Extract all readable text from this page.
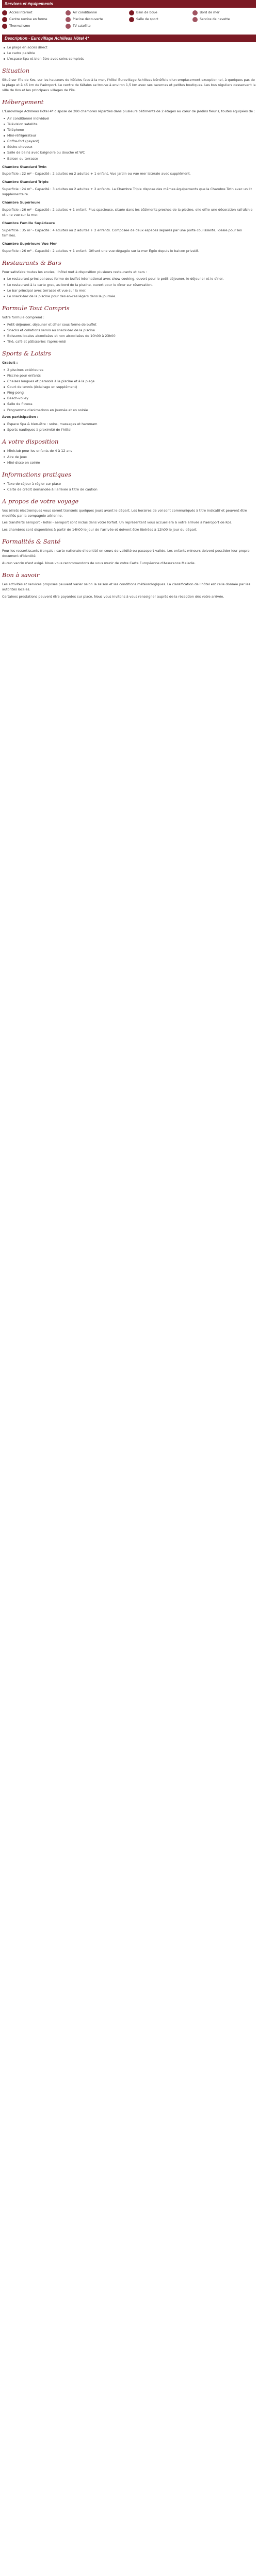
Services et équipements
Accès Internet	Air conditionné	Bain de boue	Bord de mer
Centre remise en forme	Piscine découverte	Salle de sport	Service de navette
Thermalisme	TV satellite
Description - Eurovillage Achilleas Hôtel 4*
Le plage en accès direct
Le cadre paisible
L'espace Spa et bien-être avec soins complets
Situation

Situé sur l'île de Kos, sur les hauteurs de Kéfalos face à la mer, l'hôtel Eurovillage Achilleas bénéficie d'un emplacement exceptionnel, à quelques pas de la plage et à 45 km de l'aéroport. Le centre de Kéfalos se trouve à environ 1,5 km avec ses tavernes et petites boutiques. Les bus réguliers desservent la ville de Kos et les principaux villages de l'île.

Hébergement

L'Eurovillage Achilleas Hôtel 4* dispose de 280 chambres réparties dans plusieurs bâtiments de 2 étages au cœur de jardins fleuris, toutes équipées de :

Air conditionné individuel
Télévision satellite
Téléphone
Mini-réfrigérateur
Coffre-fort (payant)
Sèche-cheveux
Salle de bains avec baignoire ou douche et WC
Balcon ou terrasse

Chambre Standard Twin

Superficie : 22 m² - Capacité : 2 adultes ou 2 adultes + 1 enfant. Vue jardin ou vue mer latérale avec supplément.

Chambre Standard Triple

Superficie : 24 m² - Capacité : 3 adultes ou 2 adultes + 2 enfants. La Chambre Triple dispose des mêmes équipements que la Chambre Twin avec un lit supplémentaire.

Chambre Supérieure

Superficie : 26 m² - Capacité : 2 adultes + 1 enfant. Plus spacieuse, située dans les bâtiments proches de la piscine, elle offre une décoration rafraîchie et une vue sur la mer.

Chambre Famille Supérieure

Superficie : 35 m² - Capacité : 4 adultes ou 2 adultes + 2 enfants. Composée de deux espaces séparés par une porte coulissante, idéale pour les familles.

Chambre Supérieure Vue Mer

Superficie : 26 m² - Capacité : 2 adultes + 1 enfant. Offrant une vue dégagée sur la mer Égée depuis le balcon privatif.

Restaurants & Bars

Pour satisfaire toutes les envies, l'hôtel met à disposition plusieurs restaurants et bars :

Le restaurant principal sous forme de buffet international avec show cooking, ouvert pour le petit-déjeuner, le déjeuner et le dîner.
Le restaurant à la carte grec, au bord de la piscine, ouvert pour le dîner sur réservation.
Le bar principal avec terrasse et vue sur la mer.
Le snack-bar de la piscine pour des en-cas légers dans la journée.
Formule Tout Compris

Votre formule comprend :

Petit-déjeuner, déjeuner et dîner sous forme de buffet
Snacks et collations servis au snack-bar de la piscine
Boissons locales alcoolisées et non alcoolisées de 10h00 à 23h00
Thé, café et pâtisseries l'après-midi
Sports & Loisirs

Gratuit :

2 piscines extérieures
Piscine pour enfants
Chaises longues et parasols à la piscine et à la plage
Court de tennis (éclairage en supplément)
Ping-pong
Beach-volley
Salle de fitness
Programme d'animations en journée et en soirée

Avec participation :

Espace Spa & bien-être : soins, massages et hammam
Sports nautiques à proximité de l'hôtel
A votre disposition
Miniclub pour les enfants de 4 à 12 ans
Aire de jeux
Mini-disco en soirée
Informations pratiques
Taxe de séjour à régler sur place
Carte de crédit demandée à l'arrivée à titre de caution
A propos de votre voyage

Vos billets électroniques vous seront transmis quelques jours avant le départ. Les horaires de vol sont communiqués à titre indicatif et peuvent être modifiés par la compagnie aérienne.

Les transferts aéroport - hôtel - aéroport sont inclus dans votre forfait. Un représentant vous accueillera à votre arrivée à l'aéroport de Kos.

Les chambres sont disponibles à partir de 14h00 le jour de l'arrivée et doivent être libérées à 12h00 le jour du départ.

Formalités & Santé

Pour les ressortissants français : carte nationale d'identité en cours de validité ou passeport valide. Les enfants mineurs doivent posséder leur propre document d'identité.

Aucun vaccin n'est exigé. Nous vous recommandons de vous munir de votre Carte Européenne d'Assurance Maladie.

Bon à savoir

Les activités et services proposés peuvent varier selon la saison et les conditions météorologiques. La classification de l'hôtel est celle donnée par les autorités locales.

Certaines prestations peuvent être payantes sur place. Nous vous invitons à vous renseigner auprès de la réception dès votre arrivée.
